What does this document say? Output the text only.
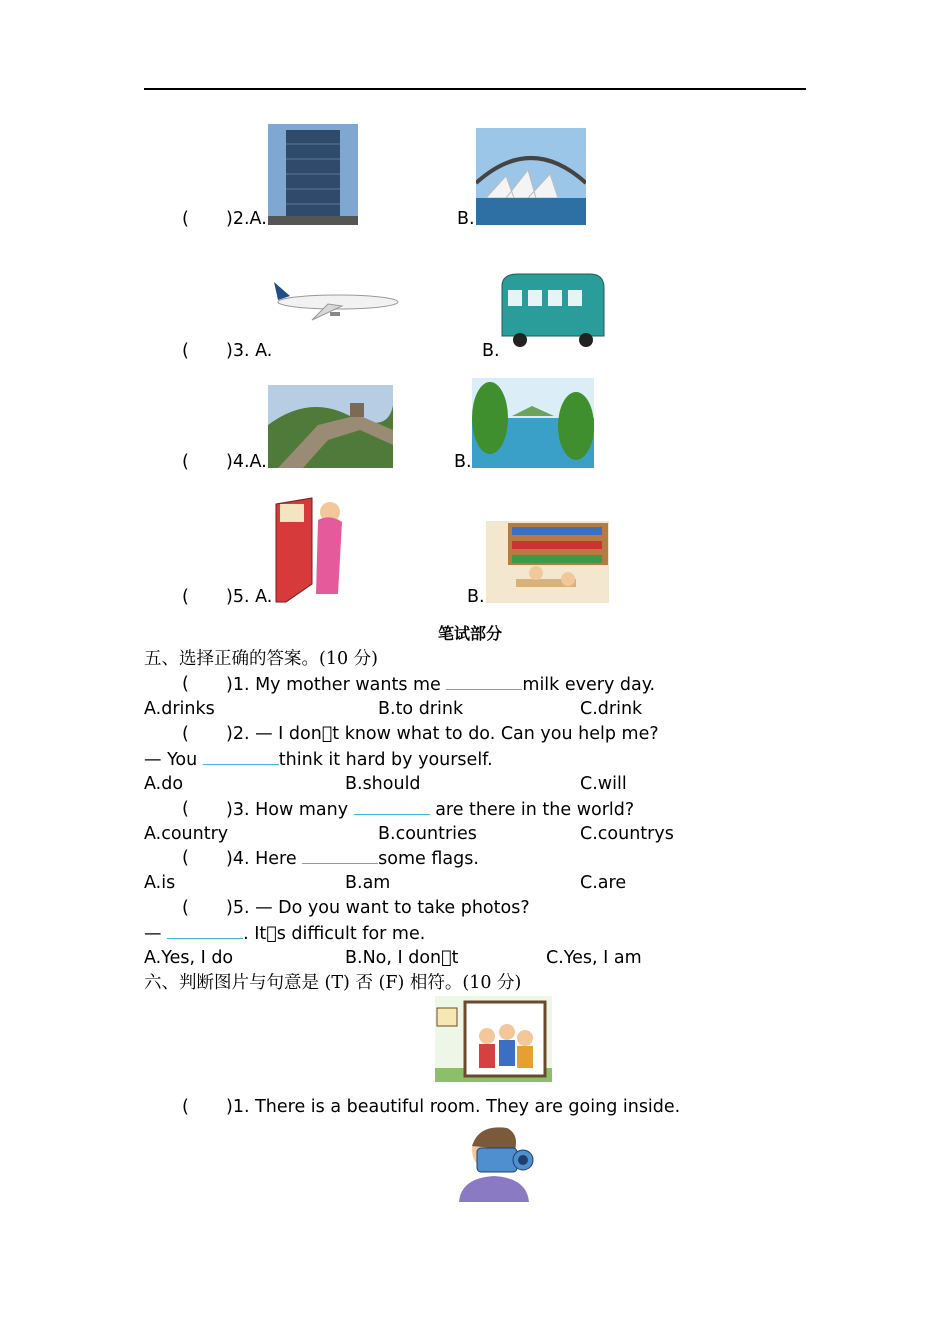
( )2.A.	B.
( )3. A.	B.
( )4.A.	B.
( )5. A.	B.
笔试部分
五、选择正确的答案。(10 分)
( )1. My mother wants me	milk every day.
A.drinks	B.to drink	C.drink
( )2. — I don t know what to do. Can you help me?
— You	think it hard by yourself.
A.do	B.should	C.will
( )3. How many	are there in the world?
A.country	B.countries	C.countrys
( )4. Here	some flags.
A.is	B.am	C.are
( )5. — Do you want to take photos?
—	. It s difficult for me.
A.Yes, I do	B.No, I don t	C.Yes, I am
六、判断图片与句意是 (T) 否 (F) 相符。(10 分)
( )1. There is a beautiful room. They are going inside.
